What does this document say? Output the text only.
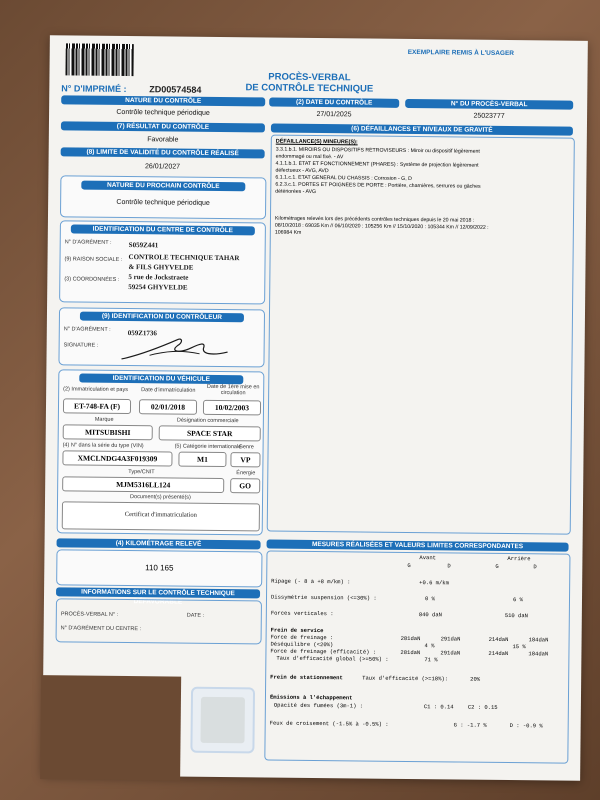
EXEMPLAIRE REMIS À L'USAGER
PROCÈS-VERBAL
DE CONTRÔLE TECHNIQUE
N° D'IMPRIMÉ :	ZD00574584
NATURE DU CONTRÔLE
Contrôle technique périodique
(2) DATE DU CONTRÔLE
27/01/2025
N° DU PROCÈS-VERBAL
25023777
(7) RÉSULTAT DU CONTRÔLE
Favorable
(8) LIMITE DE VALIDITÉ DU CONTRÔLE RÉALISÉ
26/01/2027
NATURE DU PROCHAIN CONTRÔLE
Contrôle technique périodique
IDENTIFICATION DU CENTRE DE CONTRÔLE
N° D'AGRÉMENT : S059Z441
(9) RAISON SOCIALE : CONTROLE TECHNIQUE TAHAR
& FILS GHYVELDE
(3) COORDONNÉES : 5 rue de Jockstraete
59254 GHYVELDE
(9) IDENTIFICATION DU CONTRÔLEUR
N° D'AGRÉMENT : 059Z1736
SIGNATURE :
IDENTIFICATION DU VÉHICULE
(2) Immatriculation et pays Date d'immatriculation
Date de 1ère mise en circulation
ET-748-FA (F)	02/01/2018	10/02/2003
Marque	Désignation commerciale
MITSUBISHI	SPACE STAR
(4) N° dans la série du type (VIN)	(5) Catégorie internationale
Genre
XMCLNDG4A3F019309	M1	VP
Type/CNIT	Énergie
MJM5316LL124	GO
Document(s) présenté(s)
Certificat d'immatriculation
(4) KILOMÉTRAGE RELEVÉ
110 165
INFORMATIONS SUR LE CONTRÔLE TECHNIQUE DÉFAVORABLE
PROCÈS-VERBAL N° :	DATE :
N° D'AGRÉMENT DU CENTRE :
(6) DÉFAILLANCES ET NIVEAUX DE GRAVITÉ
DÉFAILLANCE(S) MINEURE(S):
3.3.1.b.1. MIROIRS OU DISPOSITIFS RÉTROVISEURS : Miroir ou dispositif légèrement
endommagé ou mal fixé. - AV
4.1.1.b.1. ÉTAT ET FONCTIONNEMENT (PHARES) : Système de projection légèrement
défectueux - AVG, AVD
6.1.1.c.1. ÉTAT GÉNÉRAL DU CHÂSSIS : Corrosion - G, D
6.2.3.c.1. PORTES ET POIGNÉES DE PORTE : Portière, charnières, serrures ou gâches
détériorées - AVG
Kilométrages relevés lors des précédents contrôles techniques depuis le 20 mai 2018 :
08/10/2018 : 69035 Km // 06/10/2020 : 105256 Km // 15/10/2020 : 105344 Km // 12/09/2022 :
106984 Km
MESURES RÉALISÉES ET VALEURS LIMITES CORRESPONDANTES
Avant	Arrière
G	D	G	D
Ripage (- 8 à +8 m/km) :	+0.6 m/km
Dissymétrie suspension (<=30%) :	0 %	6 %
Forces verticales :	840 daN	510 daN
Frein de service
Force de freinage :	281daN	291daN	214daN	184daN
Déséquilibre (<20%)	4 %	15 %
Force de freinage (efficacité) :	281daN	291daN	214daN	184daN
Taux d'efficacité global (>=50%) :	71 %
Frein de stationnement	Taux d'efficacité (>=18%):	20%
Émissions à l'échappement
Opacité des fumées (3m-1) :	C1 : 0.14	C2 : 0.15
Feux de croisement (-1.5% à -0.5%) :	G : -1.7 %	D : -0.9 %
